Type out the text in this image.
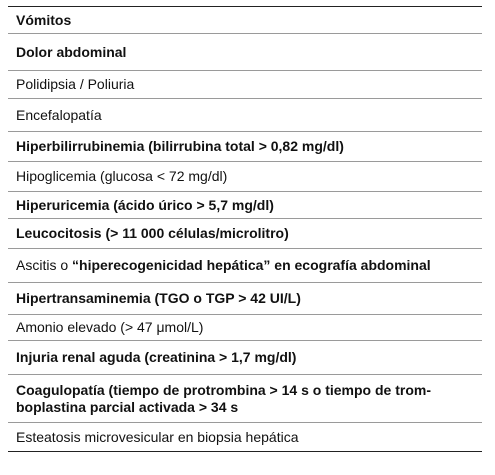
Vómitos
Dolor abdominal
Polidipsia / Poliuria
Encefalopatía
Hiperbilirrubinemia (bilirrubina total > 0,82 mg/dl)
Hipoglicemia (glucosa < 72 mg/dl)
Hiperuricemia (ácido úrico > 5,7 mg/dl)
Leucocitosis (> 11 000 células/microlitro)
Ascitis o “hiperecogenicidad hepática” en ecografía abdominal
Hipertransaminemia (TGO o TGP > 42 UI/L)
Amonio elevado (> 47 μmol/L)
Injuria renal aguda (creatinina > 1,7 mg/dl)
Coagulopatía (tiempo de protrombina > 14 s o tiempo de trom-boplastina parcial activada > 34 s
Esteatosis microvesicular en biopsia hepática
